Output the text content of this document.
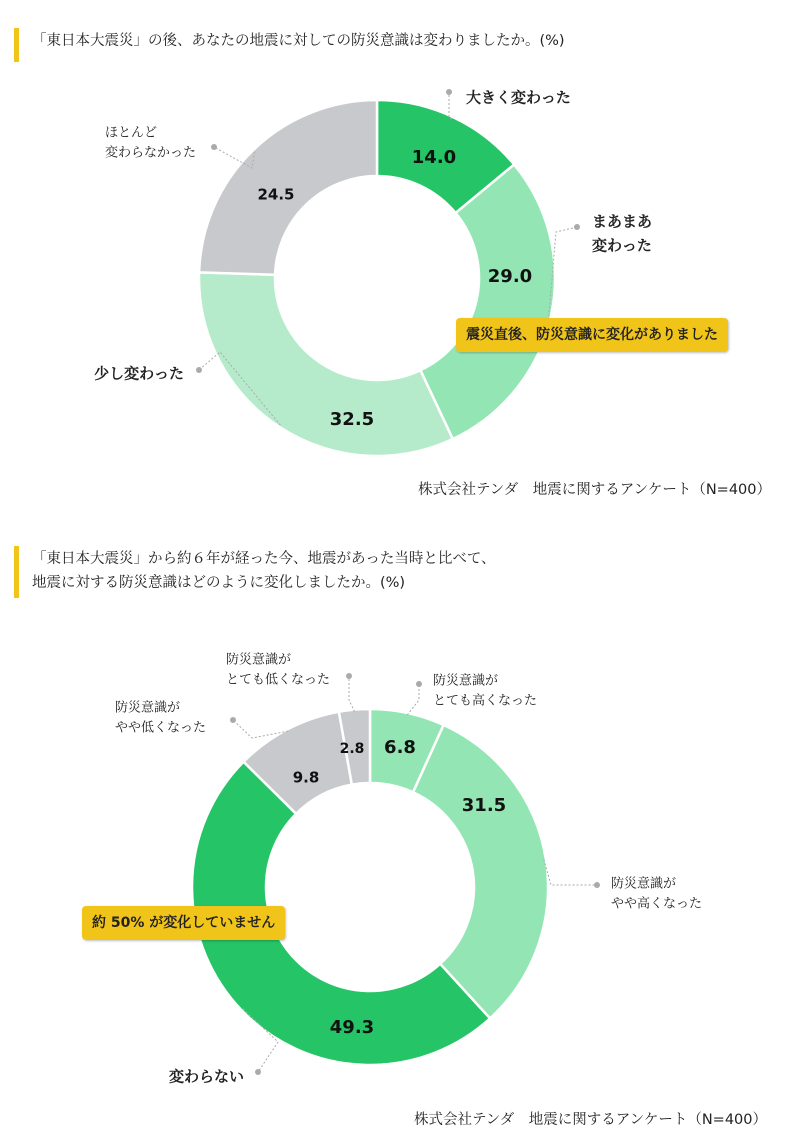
「東日本大震災」の後、あなたの地震に対しての防災意識は変わりましたか。(%)
14.0
大きく変わった
29.0
まあまあ
変わった
32.5
少し変わった
24.5
ほとんど
変わらなかった
震災直後、防災意識に変化がありました
株式会社テンダ　地震に関するアンケート（N=400）
「東日本大震災」から約６年が経った今、地震があった当時と比べて、
地震に対する防災意識はどのように変化しましたか。(%)
6.8
防災意識が
とても高くなった
31.5
防災意識が
やや高くなった
49.3
変わらない
9.8
防災意識が
やや低くなった
2.8
防災意識が
とても低くなった
約 50% が変化していません
株式会社テンダ　地震に関するアンケート（N=400）
